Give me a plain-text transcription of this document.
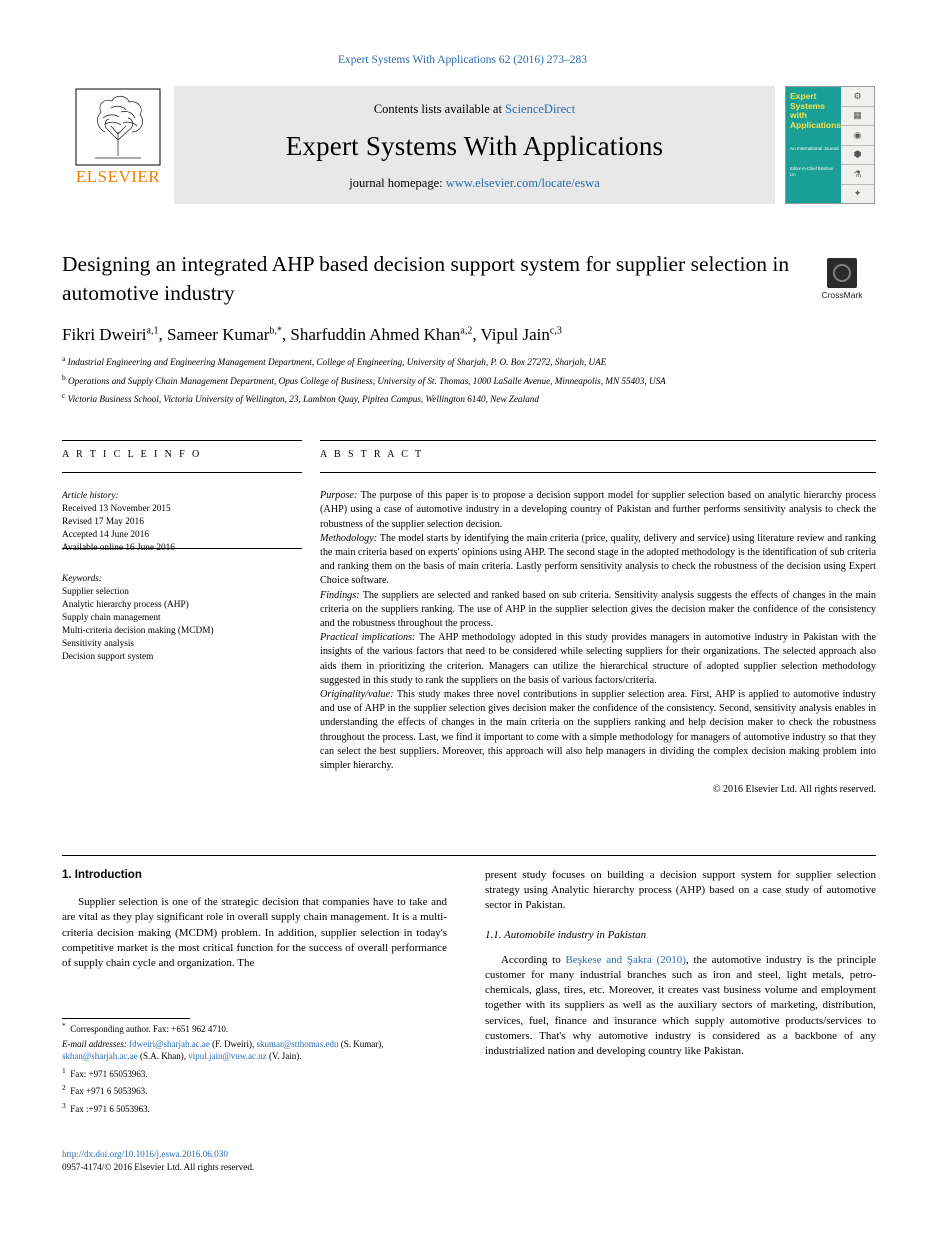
Expert Systems With Applications 62 (2016) 273–283
ELSEVIER
Contents lists available at ScienceDirect
Expert Systems With Applications
journal homepage: www.elsevier.com/locate/eswa
Expert Systems with Applications
An International Journal
Editor-in-Chief Binshan Lin
⚙
▦
◉
⬢
⚗
✦
Designing an integrated AHP based decision support system for supplier selection in automotive industry	CrossMark
Fikri Dweiri$^{a,1}$, Sameer Kumar$^{b,*}$, Sharfuddin Ahmed Khan$^{a,2}$, Vipul Jain$^{c,3}$
$^a$ Industrial Engineering and Engineering Management Department, College of Engineering, University of Sharjah, P. O. Box 27272, Sharjah, UAE
$^b$ Operations and Supply Chain Management Department, Opus College of Business, University of St. Thomas, 1000 LaSalle Avenue, Minneapolis, MN 55403, USA
$^c$ Victoria Business School, Victoria University of Wellington, 23, Lambton Quay, Pipitea Campus, Wellington 6140, New Zealand
A R T I C L E I N F O
Article history:
Received 13 November 2015
Revised 17 May 2016
Accepted 14 June 2016
Available online 16 June 2016
Keywords:
Supplier selection
Analytic hierarchy process (AHP)
Supply chain management
Multi-criteria decision making (MCDM)
Sensitivity analysis
Decision support system
A B S T R A C T

Purpose: The purpose of this paper is to propose a decision support model for supplier selection based on analytic hierarchy process (AHP) using a case of automotive industry in a developing country of Pakistan and further performs sensitivity analysis to check the robustness of the supplier selection decision.

Methodology: The model starts by identifying the main criteria (price, quality, delivery and service) using literature review and ranking the main criteria based on experts' opinions using AHP. The second stage in the adopted methodology is the identification of sub criteria and ranking them on the basis of main criteria. Lastly perform sensitivity analysis to check the robustness of the decision using Expert Choice software.

Findings: The suppliers are selected and ranked based on sub criteria. Sensitivity analysis suggests the effects of changes in the main criteria on the suppliers ranking. The use of AHP in the supplier selection gives the decision maker the confidence of the consistency and the robustness throughout the process.

Practical implications: The AHP methodology adopted in this study provides managers in automotive industry in Pakistan with the insights of the various factors that need to be considered while selecting suppliers for their organizations. The selected approach also aids them in prioritizing the criterion. Managers can utilize the hierarchical structure of adopted supplier selection methodology suggested in this study to rank the suppliers on the basis of various factors/criteria.

Originality/value: This study makes three novel contributions in supplier selection area. First, AHP is applied to automotive industry and use of AHP in the supplier selection gives decision maker the confidence of the consistency. Second, sensitivity analysis enables in understanding the effects of changes in the main criteria on the suppliers ranking and help decision maker to check the robustness throughout the process. Last, we find it important to come with a simple methodology for managers of automotive industry so that they can select the best suppliers. Moreover, this approach will also help managers in dividing the complex decision making problem into simpler hierarchy.

© 2016 Elsevier Ltd. All rights reserved.
1. Introduction

Supplier selection is one of the strategic decision that companies have to take and are vital as they play significant role in overall supply chain management. It is a multi-criteria decision making (MCDM) problem. In addition, supplier selection in today's competitive market is the most critical function for the success of overall performance of supply chain cycle and organization. The

present study focuses on building a decision support system for supplier selection strategy using Analytic hierarchy process (AHP) based on a case study of automotive sector in Pakistan.

1.1. Automobile industry in Pakistan

According to Beşkese and Şakra (2010), the automotive industry is the principle customer for many industrial branches such as iron and steel, light metals, petro-chemicals, glass, tires, etc. Moreover, it creates vast business volume and employment together with its suppliers as well as the auxiliary sectors of marketing, distribution, services, fuel, finance and insurance which supply automotive products/services to customers. That's why automotive industry is considered as a backbone of any industrialized nation and developing country like Pakistan.

* Corresponding author. Fax: +651 962 4710.
E-mail addresses: fdweiri@sharjah.ac.ae (F. Dweiri), skumar@stthomas.edu (S. Kumar), skhan@sharjah.ac.ae (S.A. Khan), vipul.jain@vuw.ac.nz (V. Jain).
$^1$ Fax: +971 65053963.
$^2$ Fax +971 6 5053963.
$^3$ Fax :+971 6 5053963.
http://dx.doi.org/10.1016/j.eswa.2016.06.030
0957-4174/© 2016 Elsevier Ltd. All rights reserved.
